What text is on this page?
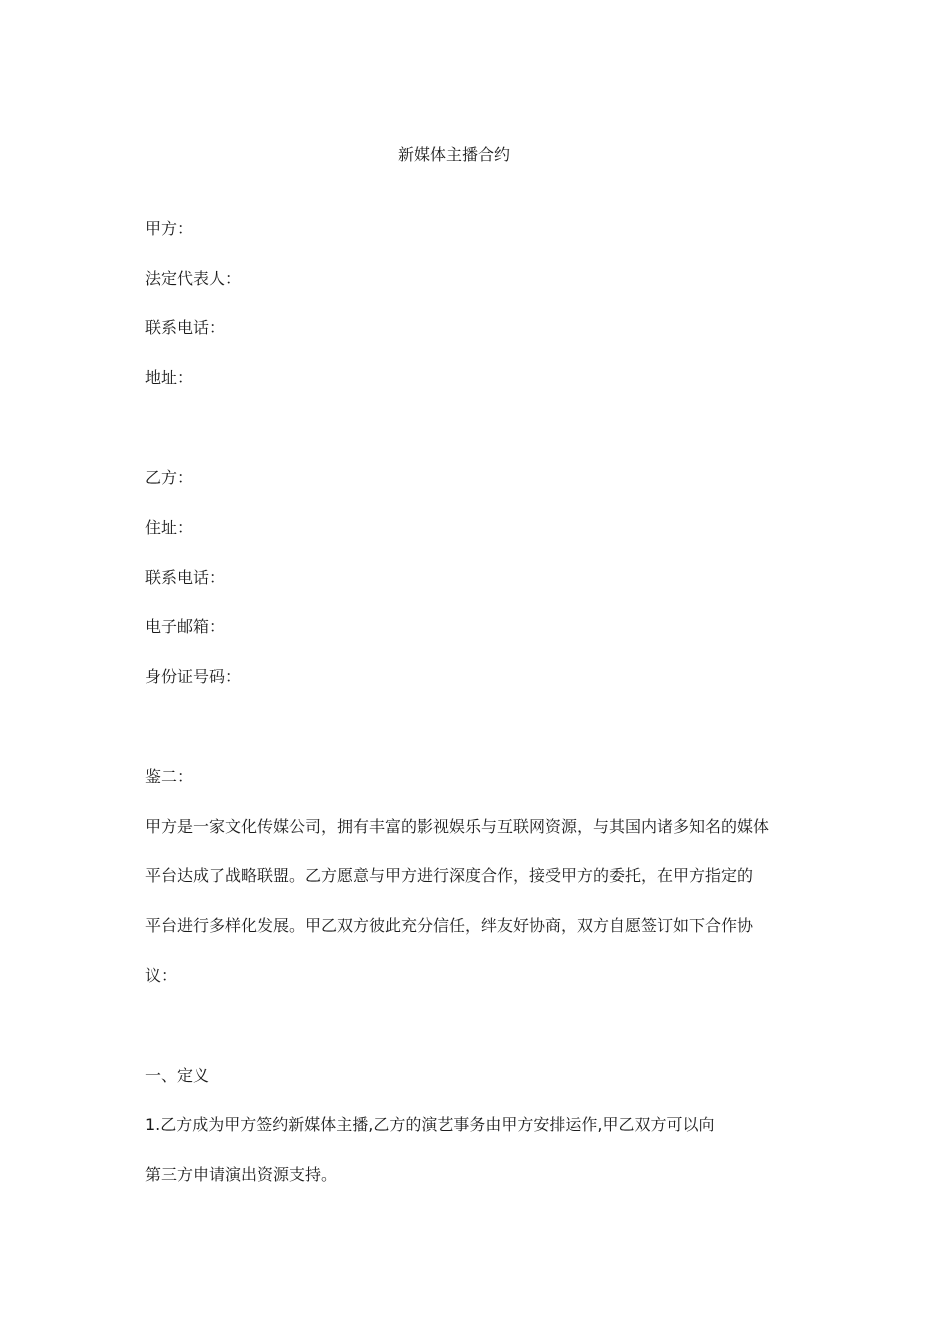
新媒体主播合约

甲方：

法定代表人：

联系电话：

地址：

乙方：

住址：

联系电话：

电子邮箱：

身份证号码：

鉴二：

甲方是一家文化传媒公司，拥有丰富的影视娱乐与互联网资源，与其国内诸多知名的媒体

平台达成了战略联盟。乙方愿意与甲方进行深度合作，接受甲方的委托，在甲方指定的

平台进行多样化发展。甲乙双方彼此充分信任，绊友好协商，双方自愿签订如下合作协

议：

一、定义

1.乙方成为甲方签约新媒体主播,乙方的演艺事务由甲方安排运作,甲乙双方可以向

第三方申请演出资源支持。
